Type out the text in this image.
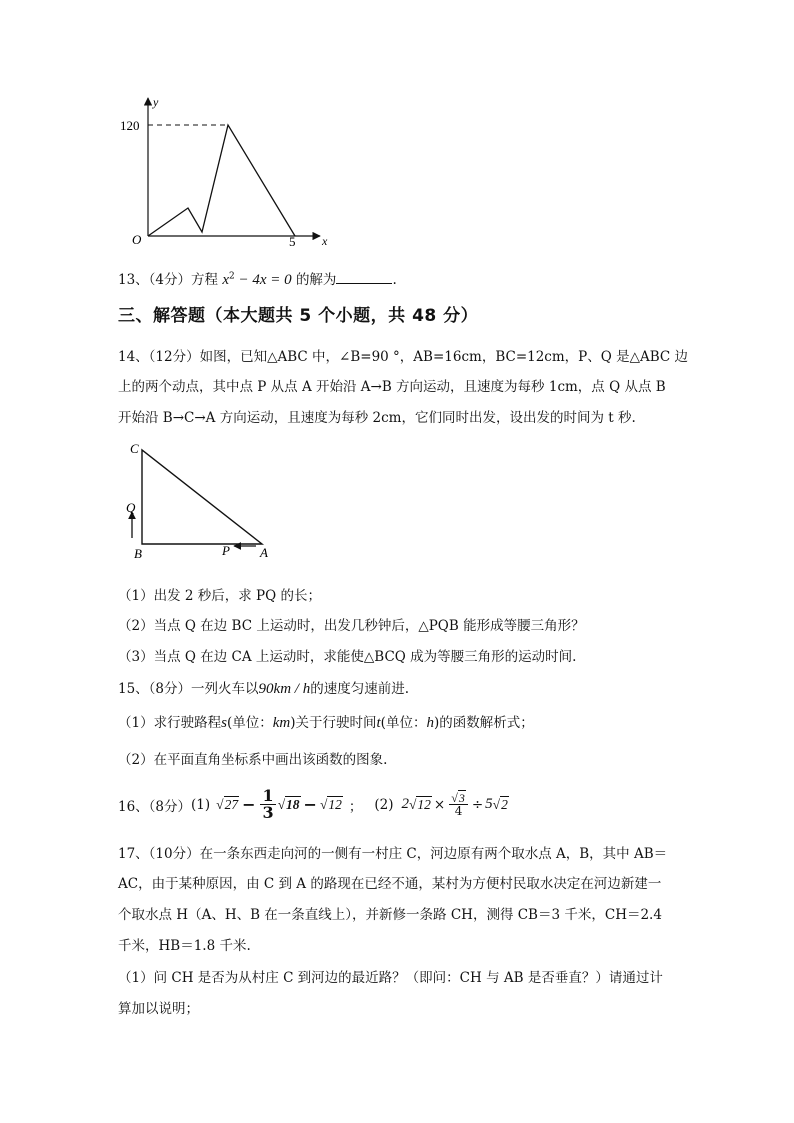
y
x
O
120
5
13、（4分）方程 $x^2 - 4x = 0$ 的解为	.
三、解答题（本大题共 5 个小题，共 48 分）
14、（12分）如图，已知△ABC 中，∠B=90 °，AB=16cm，BC=12cm，P、Q 是△ABC 边
上的两个动点，其中点 P 从点 A 开始沿 A→B 方向运动，且速度为每秒 1cm，点 Q 从点 B
开始沿 B→C→A 方向运动，且速度为每秒 2cm，它们同时出发，设出发的时间为 t 秒.
C
Q
B	P A
（1）出发 2 秒后，求 PQ 的长；
（2）当点 Q 在边 BC 上运动时，出发几秒钟后，△PQB 能形成等腰三角形？
（3）当点 Q 在边 CA 上运动时，求能使△BCQ 成为等腰三角形的运动时间.
15、（8分）一列火车以90km / h的速度匀速前进.
（1）求行驶路程s(单位：km)关于行驶时间t(单位：h)的函数解析式；
（2）在平面直角坐标系中画出该函数的图象.
16、（8分） (1) $√27 - \frac{1}{3} √18 - √12$ ； (2) 2 $√12 \times \frac{√3}{4} \div 5$ √2
17、（10分）在一条东西走向河的一侧有一村庄 C，河边原有两个取水点 A，B，其中 AB＝
AC，由于某种原因，由 C 到 A 的路现在已经不通，某村为方便村民取水决定在河边新建一
个取水点 H（A、H、B 在一条直线上），并新修一条路 CH，测得 CB＝3 千米，CH＝2.4
千米，HB＝1.8 千米.
（1）问 CH 是否为从村庄 C 到河边的最近路？（即问：CH 与 AB 是否垂直？）请通过计
算加以说明；
